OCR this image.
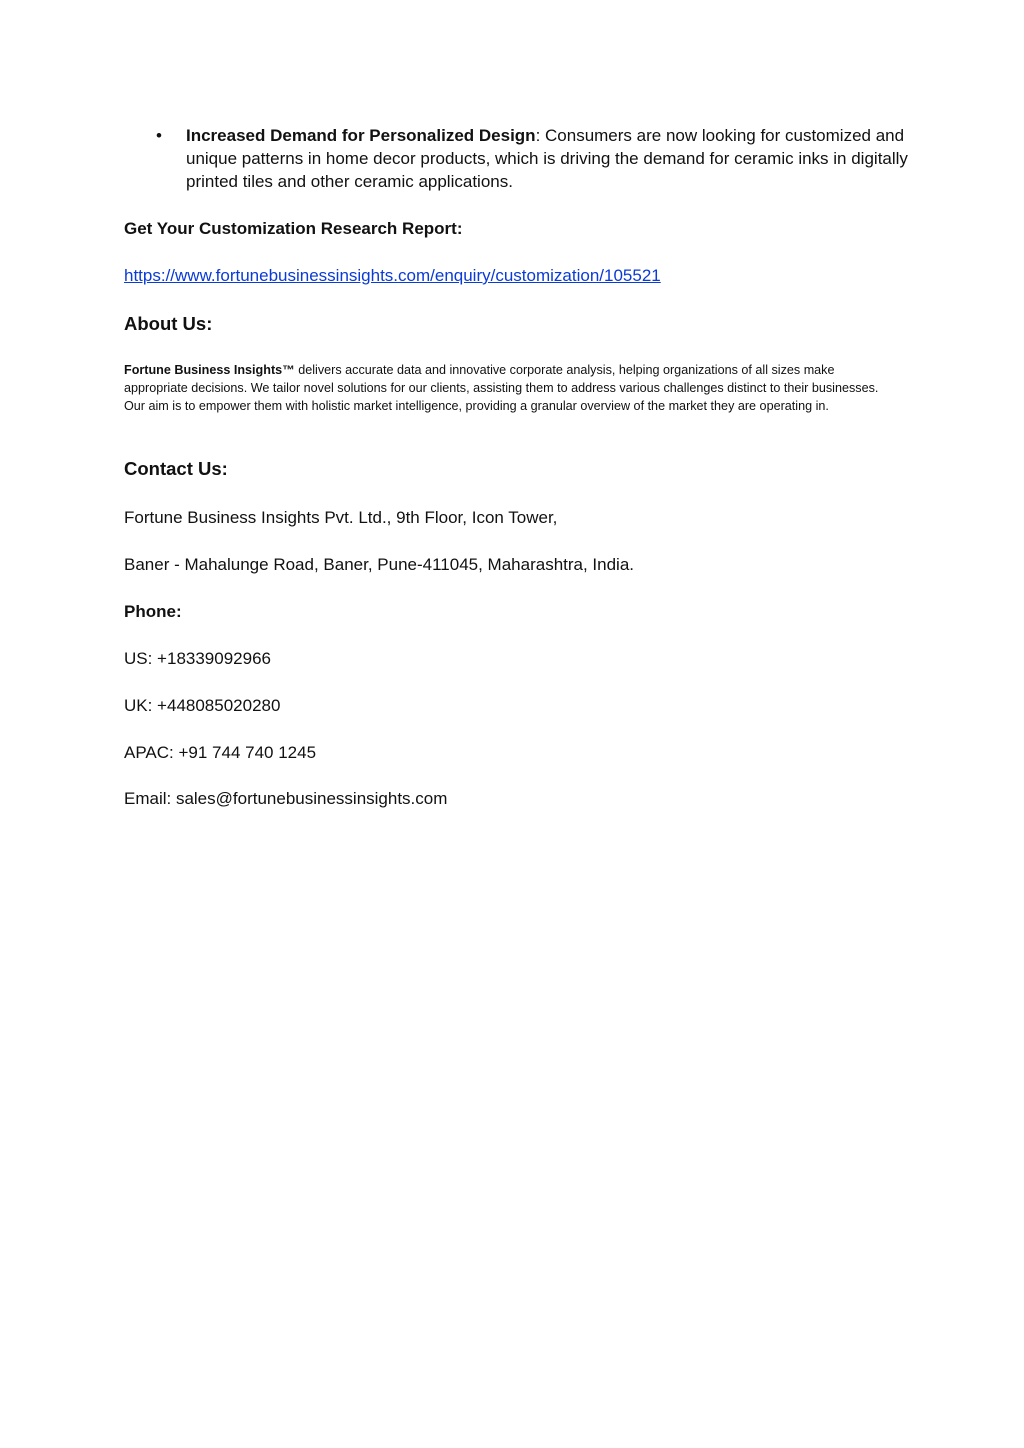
• Increased Demand for Personalized Design: Consumers are now looking for customized and unique patterns in home decor products, which is driving the demand for ceramic inks in digitally printed tiles and other ceramic applications.
Get Your Customization Research Report:
https://www.fortunebusinessinsights.com/enquiry/customization/105521
About Us:
Fortune Business Insights™ delivers accurate data and innovative corporate analysis, helping organizations of all sizes make appropriate decisions. We tailor novel solutions for our clients, assisting them to address various challenges distinct to their businesses. Our aim is to empower them with holistic market intelligence, providing a granular overview of the market they are operating in.
Contact Us:
Fortune Business Insights Pvt. Ltd., 9th Floor, Icon Tower,
Baner - Mahalunge Road, Baner, Pune-411045, Maharashtra, India.
Phone:
US: +18339092966
UK: +448085020280
APAC: +91 744 740 1245
Email: sales@fortunebusinessinsights.com
